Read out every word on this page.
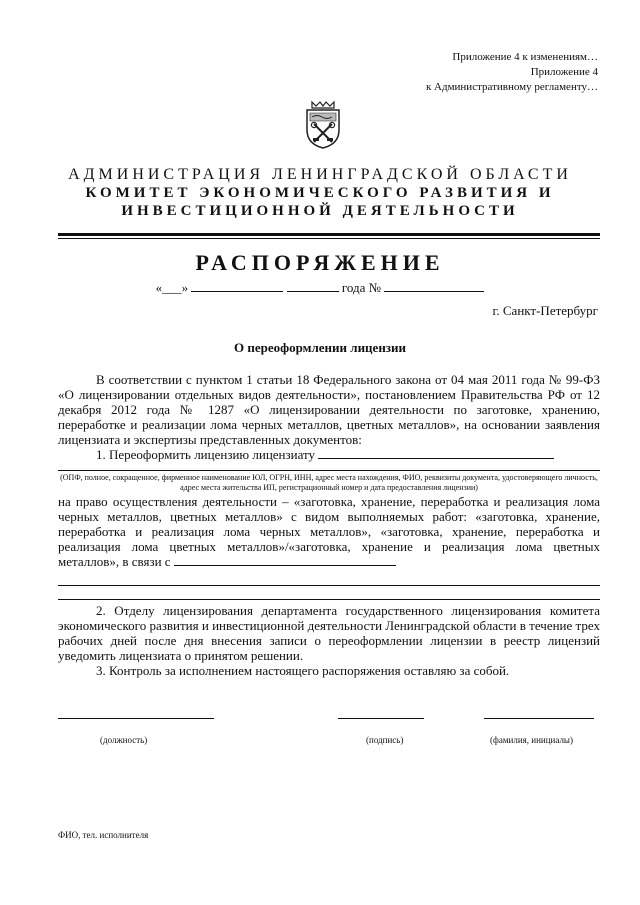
Приложение 4 к изменениям…
Приложение 4
к Административному регламенту…
АДМИНИСТРАЦИЯ ЛЕНИНГРАДСКОЙ ОБЛАСТИ
КОМИТЕТ ЭКОНОМИЧЕСКОГО РАЗВИТИЯ И
ИНВЕСТИЦИОННОЙ ДЕЯТЕЛЬНОСТИ
РАСПОРЯЖЕНИЕ
«___»	года №
г. Санкт-Петербург
О переоформлении лицензии
В соответствии с пунктом 1 статьи 18 Федерального закона от 04 мая 2011 года № 99-ФЗ «О лицензировании отдельных видов деятельности», постановлением Правительства РФ от 12 декабря 2012 года № 1287 «О лицензировании деятельности по заготовке, хранению, переработке и реализации лома черных металлов, цветных металлов», на основании заявления лицензиата и экспертизы представленных документов:
1. Переоформить лицензию лицензиату
(ОПФ, полное, сокращенное, фирменное наименование ЮЛ, ОГРН, ИНН, адрес места нахождения, ФИО, реквизиты документа, удостоверяющего личность, адрес места жительства ИП, регистрационный номер и дата предоставления лицензии)
на право осуществления деятельности – «заготовка, хранение, переработка и реализация лома черных металлов, цветных металлов» с видом выполняемых работ: «заготовка, хранение, переработка и реализация лома черных металлов», «заготовка, хранение, переработка и реализация лома цветных металлов»/«заготовка, хранение и реализация лома цветных металлов», в связи с
2. Отделу лицензирования департамента государственного лицензирования комитета экономического развития и инвестиционной деятельности Ленинградской области в течение трех рабочих дней после дня внесения записи о переоформлении лицензии в реестр лицензий уведомить лицензиата о принятом решении.
3. Контроль за исполнением настоящего распоряжения оставляю за собой.
(должность)	(подпись)	(фамилия, инициалы)
ФИО, тел. исполнителя
